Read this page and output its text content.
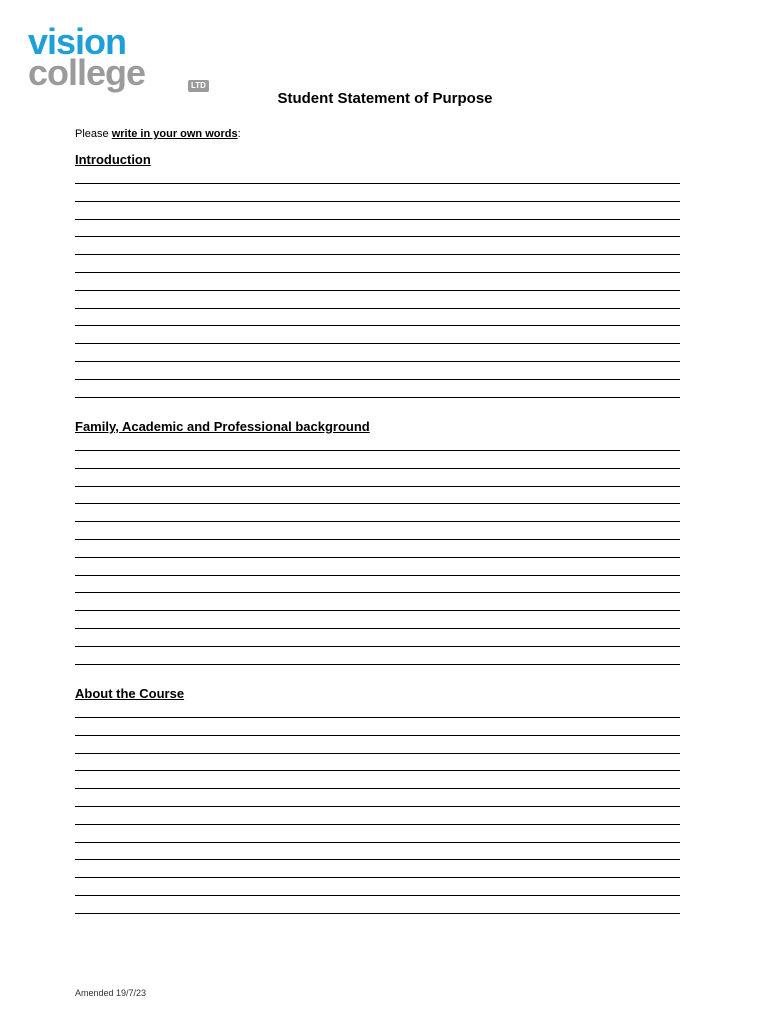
vision
college	LTD
Student Statement of Purpose
Please write in your own words:
Introduction
Family, Academic and Professional background
About the Course
Amended 19/7/23
